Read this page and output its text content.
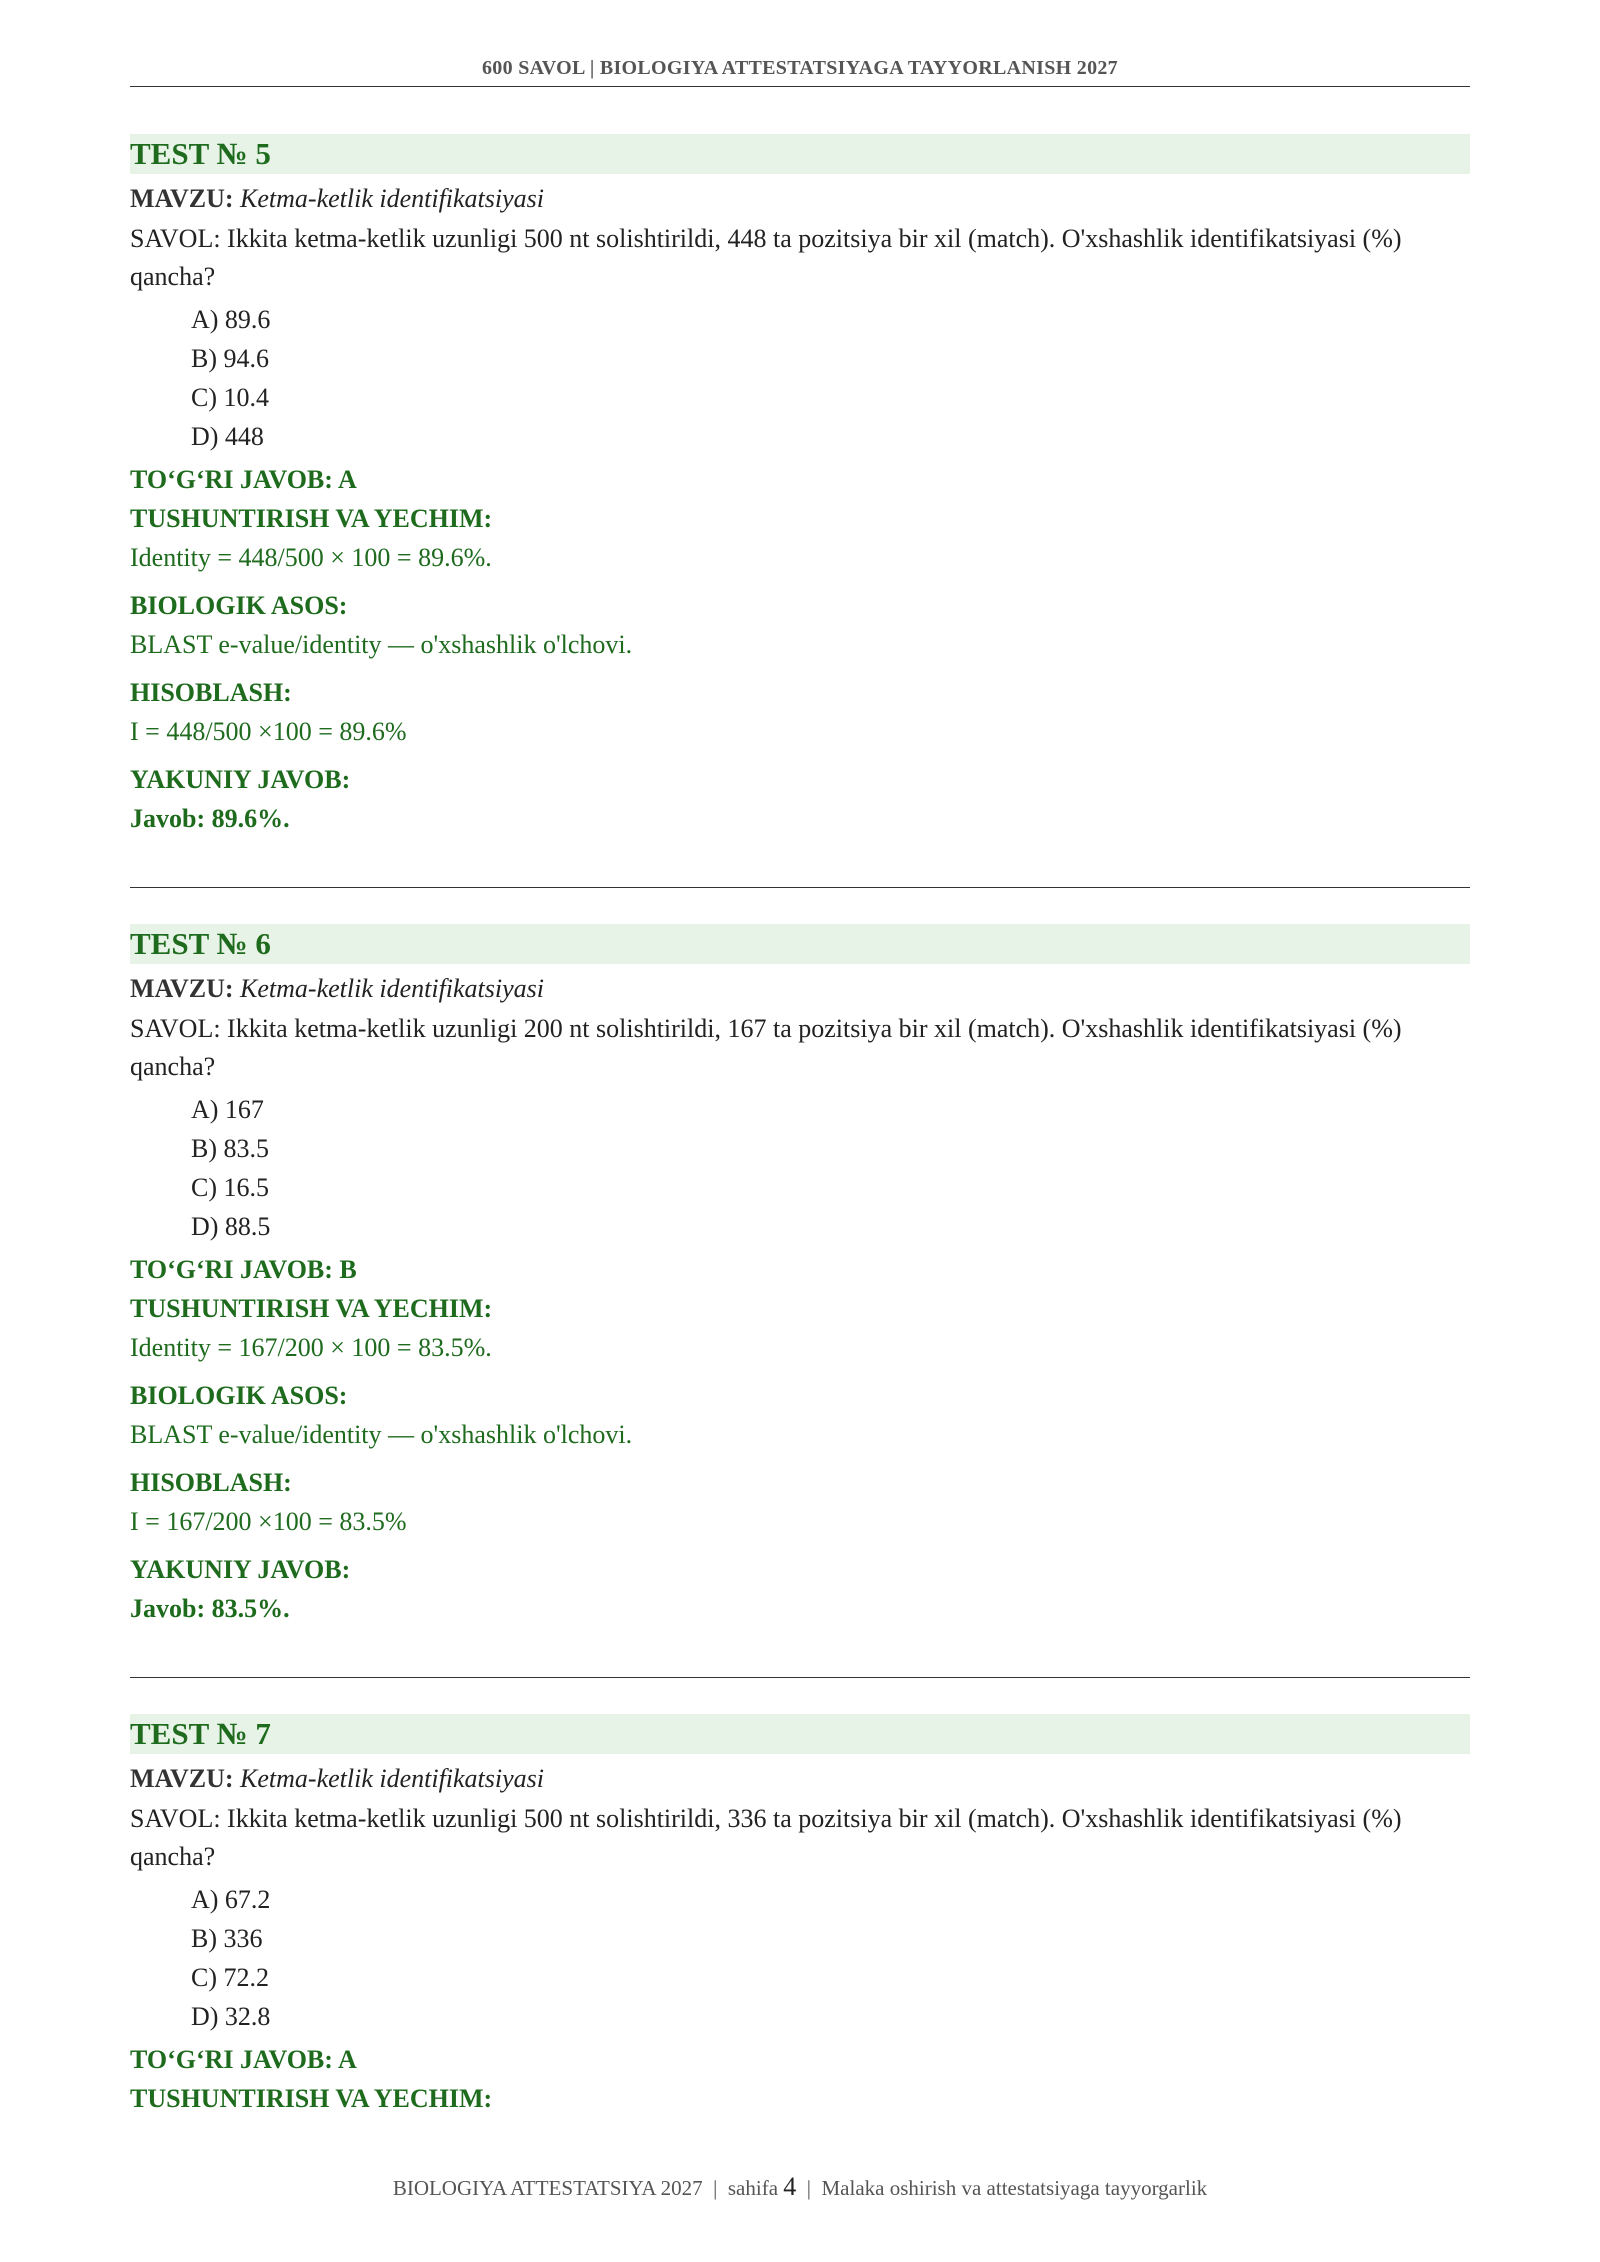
600 SAVOL | BIOLOGIYA ATTESTATSIYAGA TAYYORLANISH 2027
TEST № 5

MAVZU: Ketma-ketlik identifikatsiyasi

SAVOL: Ikkita ketma-ketlik uzunligi 500 nt solishtirildi, 448 ta pozitsiya bir xil (match). O'xshashlik identifikatsiyasi (%) qancha?

A) 89.6
B) 94.6
C) 10.4
D) 448

TO‘G‘RI JAVOB: A

TUSHUNTIRISH VA YECHIM:

Identity = 448/500 × 100 = 89.6%.

BIOLOGIK ASOS:

BLAST e-value/identity — o'xshashlik o'lchovi.

HISOBLASH:

I = 448/500 ×100 = 89.6%

YAKUNIY JAVOB:

Javob: 89.6%.

TEST № 6

MAVZU: Ketma-ketlik identifikatsiyasi

SAVOL: Ikkita ketma-ketlik uzunligi 200 nt solishtirildi, 167 ta pozitsiya bir xil (match). O'xshashlik identifikatsiyasi (%) qancha?

A) 167
B) 83.5
C) 16.5
D) 88.5

TO‘G‘RI JAVOB: B

TUSHUNTIRISH VA YECHIM:

Identity = 167/200 × 100 = 83.5%.

BIOLOGIK ASOS:

BLAST e-value/identity — o'xshashlik o'lchovi.

HISOBLASH:

I = 167/200 ×100 = 83.5%

YAKUNIY JAVOB:

Javob: 83.5%.

TEST № 7

MAVZU: Ketma-ketlik identifikatsiyasi

SAVOL: Ikkita ketma-ketlik uzunligi 500 nt solishtirildi, 336 ta pozitsiya bir xil (match). O'xshashlik identifikatsiyasi (%) qancha?

A) 67.2
B) 336
C) 72.2
D) 32.8

TO‘G‘RI JAVOB: A

TUSHUNTIRISH VA YECHIM:

BIOLOGIYA ATTESTATSIYA 2027 | sahifa 4 | Malaka oshirish va attestatsiyaga tayyorgarlik
